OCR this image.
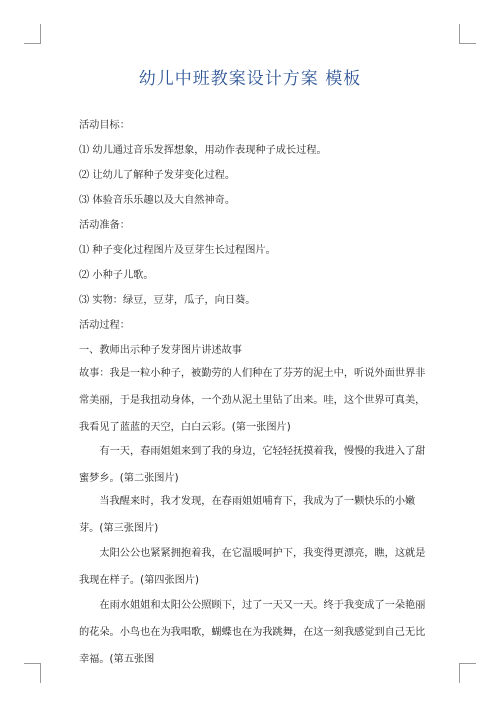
幼儿中班教案设计方案 模板
活动目标：
⑴ 幼儿通过音乐发挥想象，用动作表现种子成长过程。
⑵ 让幼儿了解种子发芽变化过程。
⑶ 体验音乐乐趣以及大自然神奇。
活动准备：
⑴ 种子变化过程图片及豆芽生长过程图片。
⑵ 小种子儿歌。
⑶ 实物：绿豆，豆芽，瓜子，向日葵。
活动过程：
一、教师出示种子发芽图片讲述故事
故事：我是一粒小种子，被勤劳的人们种在了芬芳的泥土中，听说外面世界非常美丽，于是我扭动身体，一个劲从泥土里钻了出来。哇，这个世界可真美，我看见了蓝蓝的天空，白白云彩。(第一张图片)
有一天，春雨姐姐来到了我的身边，它轻轻抚摸着我，慢慢的我进入了甜蜜梦乡。(第二张图片)
当我醒来时，我才发现，在春雨姐姐哺育下，我成为了一颗快乐的小嫩芽。(第三张图片)
太阳公公也紧紧拥抱着我，在它温暖呵护下，我变得更漂亮，瞧，这就是我现在样子。(第四张图片)
在雨水姐姐和太阳公公照顾下，过了一天又一天。终于我变成了一朵艳丽的花朵。小鸟也在为我唱歌，蝴蝶也在为我跳舞，在这一刻我感觉到自己无比幸福。(第五张图
